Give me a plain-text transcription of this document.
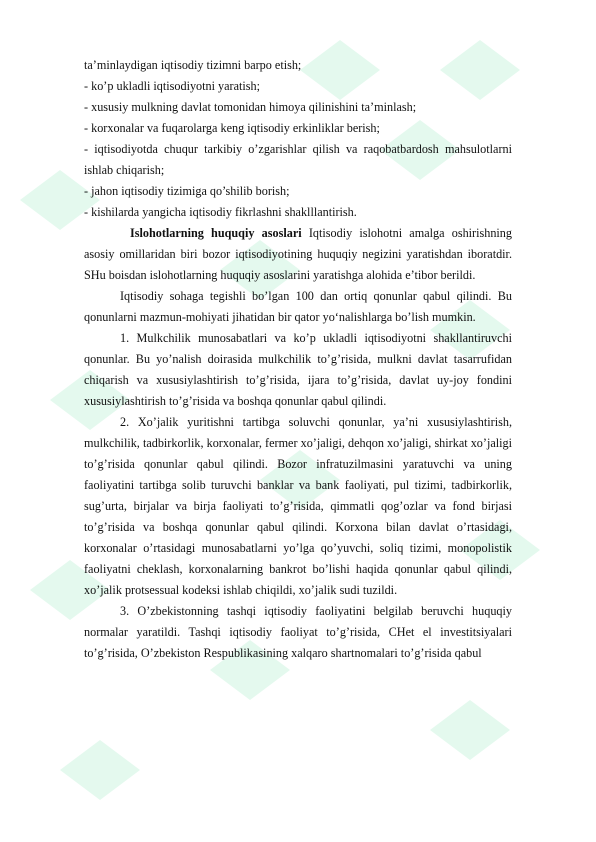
ta’minlaydigan iqtisodiy tizimni barpo etish;

- ko’p ukladli iqtisodiyotni yaratish;

- xususiy mulkning davlat tomonidan himoya qilinishini ta’minlash;

- korxonalar va fuqarolarga keng iqtisodiy erkinliklar berish;

- iqtisodiyotda chuqur tarkibiy o’zgarishlar qilish va raqobatbardosh mahsulotlarni ishlab chiqarish;

- jahon iqtisodiy tizimiga qo’shilib borish;

- kishilarda yangicha iqtisodiy fikrlashni shaklllantirish.

Islohotlarning huquqiy asoslari Iqtisodiy islohotni amalga oshirishning asosiy omillaridan biri bozor iqtisodiyotining huquqiy negizini yaratishdan iboratdir. SHu boisdan islohotlarning huquqiy asoslarini yaratishga alohida e’tibor berildi.

Iqtisodiy sohaga tegishli bo’lgan 100 dan ortiq qonunlar qabul qilindi. Bu qonunlarni mazmun-mohiyati jihatidan bir qator yo‘nalishlarga bo’lish mumkin.

1. Mulkchilik munosabatlari va ko’p ukladli iqtisodiyotni shakllantiruvchi qonunlar. Bu yo’nalish doirasida mulkchilik to’g’risida, mulkni davlat tasarrufidan chiqarish va xususiylashtirish to’g’risida, ijara to’g’risida, davlat uy-joy fondini xususiylashtirish to’g’risida va boshqa qonunlar qabul qilindi.

2. Xo’jalik yuritishni tartibga soluvchi qonunlar, ya’ni xususiylashtirish, mulkchilik, tadbirkorlik, korxonalar, fermer xo’jaligi, dehqon xo’jaligi, shirkat xo’jaligi to’g’risida qonunlar qabul qilindi. Bozor infratuzilmasini yaratuvchi va uning faoliyatini tartibga solib turuvchi banklar va bank faoliyati, pul tizimi, tadbirkorlik, sug’urta, birjalar va birja faoliyati to’g’risida, qimmatli qog’ozlar va fond birjasi to’g’risida va boshqa qonunlar qabul qilindi. Korxona bilan davlat o’rtasidagi, korxonalar o’rtasidagi munosabatlarni yo’lga qo’yuvchi, soliq tizimi, monopolistik faoliyatni cheklash, korxonalarning bankrot bo’lishi haqida qonunlar qabul qilindi, xo’jalik protsessual kodeksi ishlab chiqildi, xo’jalik sudi tuzildi.

3. O’zbekistonning tashqi iqtisodiy faoliyatini belgilab beruvchi huquqiy normalar yaratildi. Tashqi iqtisodiy faoliyat to’g’risida, CHet el investitsiyalari to’g’risida, O’zbekiston Respublikasining xalqaro shartnomalari to’g’risida qabul
